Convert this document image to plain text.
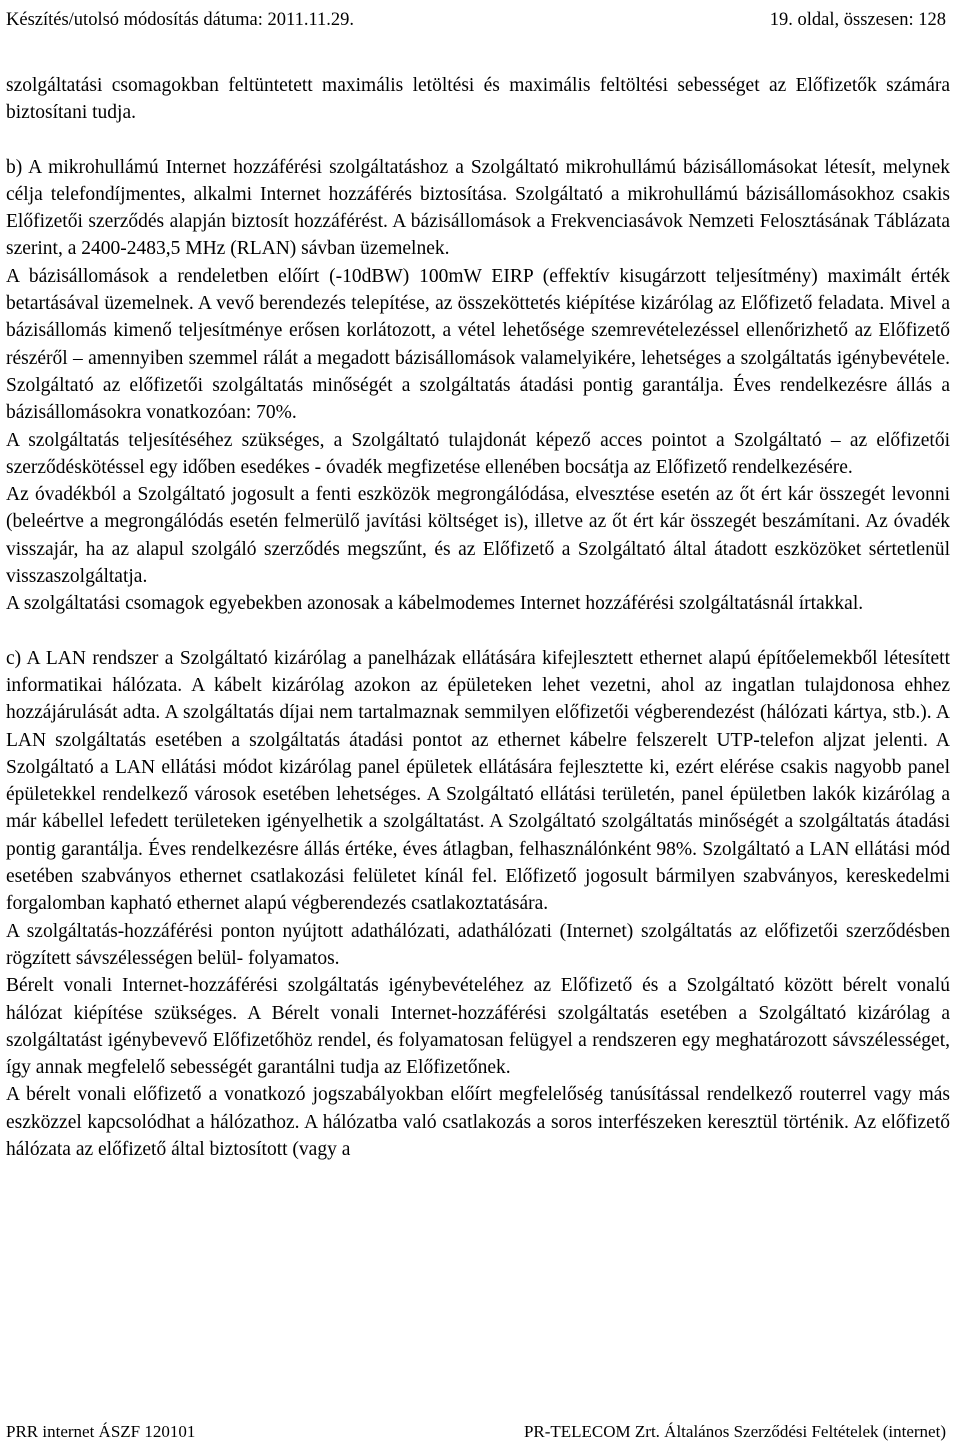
Készítés/utolsó módosítás dátuma: 2011.11.29.	19. oldal, összesen: 128

szolgáltatási csomagokban feltüntetett maximális letöltési és maximális feltöltési sebességet az Előfizetők számára biztosítani tudja.

b) A mikrohullámú Internet hozzáférési szolgáltatáshoz a Szolgáltató mikrohullámú bázisállomásokat létesít, melynek célja telefondíjmentes, alkalmi Internet hozzáférés biztosítása. Szolgáltató a mikrohullámú bázisállomásokhoz csakis Előfizetői szerződés alapján biztosít hozzáférést. A bázisállomások a Frekvenciasávok Nemzeti Felosztásának Táblázata szerint, a 2400-2483,5 MHz (RLAN) sávban üzemelnek.

A bázisállomások a rendeletben előírt (-10dBW) 100mW EIRP (effektív kisugárzott teljesítmény) maximált érték betartásával üzemelnek. A vevő berendezés telepítése, az összeköttetés kiépítése kizárólag az Előfizető feladata. Mivel a bázisállomás kimenő teljesítménye erősen korlátozott, a vétel lehetősége szemrevételezéssel ellenőrizhető az Előfizető részéről – amennyiben szemmel rálát a megadott bázisállomások valamelyikére, lehetséges a szolgáltatás igénybevétele. Szolgáltató az előfizetői szolgáltatás minőségét a szolgáltatás átadási pontig garantálja. Éves rendelkezésre állás a bázisállomásokra vonatkozóan: 70%.

A szolgáltatás teljesítéséhez szükséges, a Szolgáltató tulajdonát képező acces pointot a Szolgáltató – az előfizetői szerződéskötéssel egy időben esedékes - óvadék megfizetése ellenében bocsátja az Előfizető rendelkezésére.

Az óvadékból a Szolgáltató jogosult a fenti eszközök megrongálódása, elvesztése esetén az őt ért kár összegét levonni (beleértve a megrongálódás esetén felmerülő javítási költséget is), illetve az őt ért kár összegét beszámítani. Az óvadék visszajár, ha az alapul szolgáló szerződés megszűnt, és az Előfizető a Szolgáltató által átadott eszközöket sértetlenül visszaszolgáltatja.

A szolgáltatási csomagok egyebekben azonosak a kábelmodemes Internet hozzáférési szolgáltatásnál írtakkal.

c) A LAN rendszer a Szolgáltató kizárólag a panelházak ellátására kifejlesztett ethernet alapú építőelemekből létesített informatikai hálózata. A kábelt kizárólag azokon az épületeken lehet vezetni, ahol az ingatlan tulajdonosa ehhez hozzájárulását adta. A szolgáltatás díjai nem tartalmaznak semmilyen előfizetői végberendezést (hálózati kártya, stb.). A LAN szolgáltatás esetében a szolgáltatás átadási pontot az ethernet kábelre felszerelt UTP-telefon aljzat jelenti. A Szolgáltató a LAN ellátási módot kizárólag panel épületek ellátására fejlesztette ki, ezért elérése csakis nagyobb panel épületekkel rendelkező városok esetében lehetséges. A Szolgáltató ellátási területén, panel épületben lakók kizárólag a már kábellel lefedett területeken igényelhetik a szolgáltatást. A Szolgáltató szolgáltatás minőségét a szolgáltatás átadási pontig garantálja. Éves rendelkezésre állás értéke, éves átlagban, felhasználónként 98%. Szolgáltató a LAN ellátási mód esetében szabványos ethernet csatlakozási felületet kínál fel. Előfizető jogosult bármilyen szabványos, kereskedelmi forgalomban kapható ethernet alapú végberendezés csatlakoztatására.

A szolgáltatás-hozzáférési ponton nyújtott adathálózati, adathálózati (Internet) szolgáltatás az előfizetői szerződésben rögzített sávszélességen belül- folyamatos.

Bérelt vonali Internet-hozzáférési szolgáltatás igénybevételéhez az Előfizető és a Szolgáltató között bérelt vonalú hálózat kiépítése szükséges. A Bérelt vonali Internet-hozzáférési szolgáltatás esetében a Szolgáltató kizárólag a szolgáltatást igénybevevő Előfizetőhöz rendel, és folyamatosan felügyel a rendszeren egy meghatározott sávszélességet, így annak megfelelő sebességét garantálni tudja az Előfizetőnek.

A bérelt vonali előfizető a vonatkozó jogszabályokban előírt megfelelőség tanúsítással rendelkező routerrel vagy más eszközzel kapcsolódhat a hálózathoz. A hálózatba való csatlakozás a soros interfészeken keresztül történik. Az előfizető hálózata az előfizető által biztosított (vagy a

PRR internet ÁSZF 120101	PR-TELECOM Zrt. Általános Szerződési Feltételek (internet)
